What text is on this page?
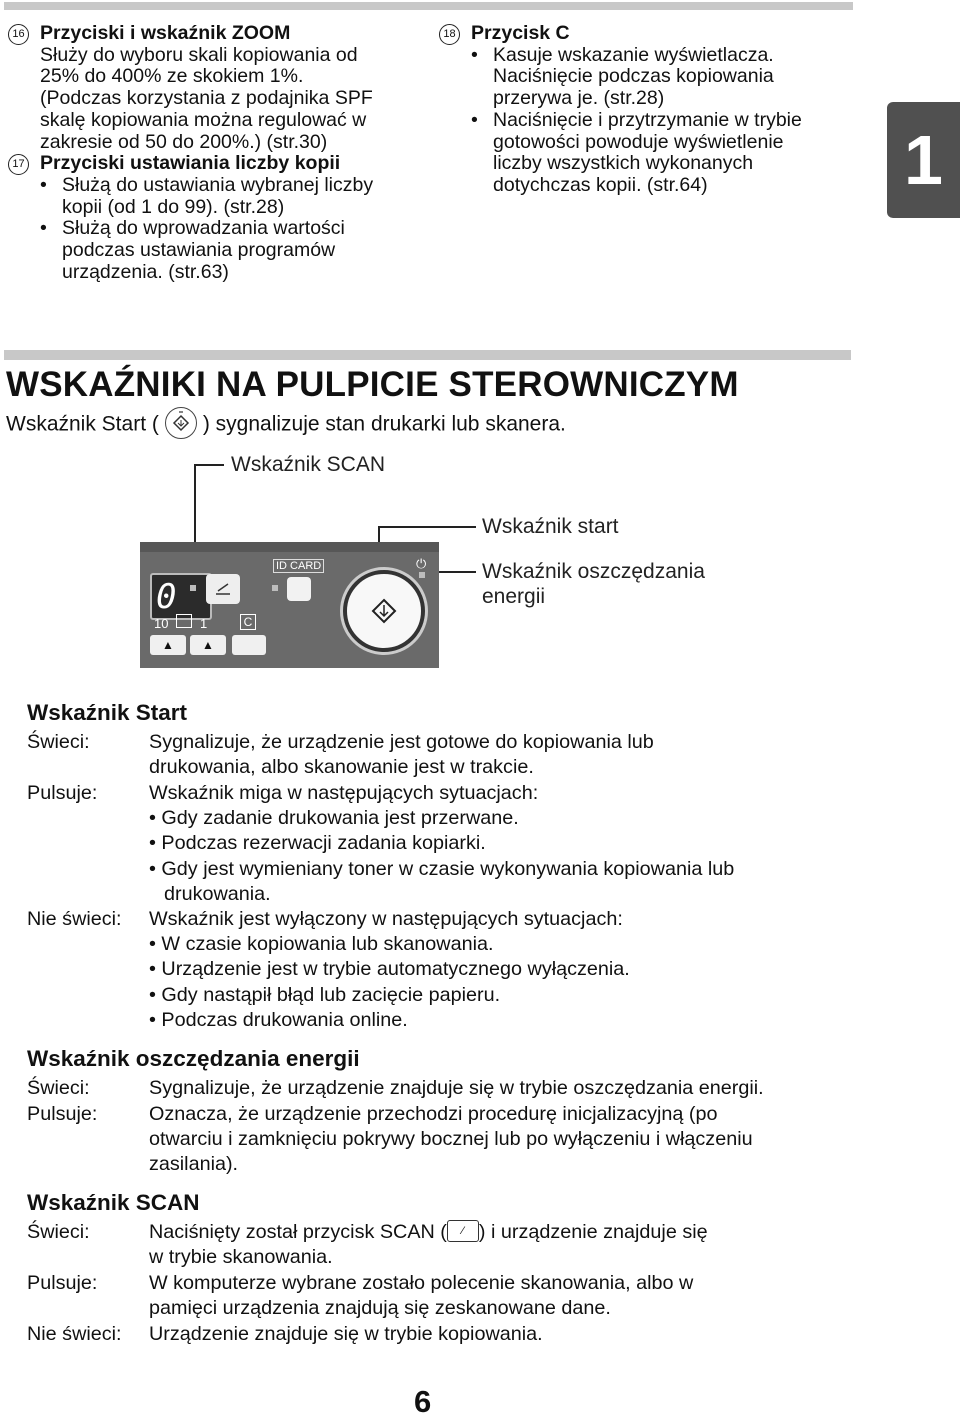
16 Przyciski i wskaźnik ZOOM

Służy do wyboru skali kopiowania od

25% do 400% ze skokiem 1%.

(Podczas korzystania z podajnika SPF

skalę kopiowania można regulować w

zakresie od 50 do 200%.) (str.30)

17 Przyciski ustawiania liczby kopii

• Służą do ustawiania wybranej liczby

kopii (od 1 do 99). (str.28)

• Służą do wprowadzania wartości

podczas ustawiania programów

urządzenia. (str.63)

18 Przycisk C

• Kasuje wskazanie wyświetlacza.

Naciśnięcie podczas kopiowania

przerywa je. (str.28)

• Naciśnięcie i przytrzymanie w trybie

gotowości powoduje wyświetlenie

liczby wszystkich wykonanych

dotychczas kopii. (str.64)	1
WSKAŹNIKI NA PULPICIE STEROWNICZYM
Wskaźnik Start ( ) sygnalizuje stan drukarki lub skanera.
Wskaźnik SCAN
Wskaźnik start
Wskaźnik oszczędzania
energii
0
⏻
10 1	C
▲	▲
ID CARD
Wskaźnik Start
Świeci:	Sygnalizuje, że urządzenie jest gotowe do kopiowania lub
drukowania, albo skanowanie jest w trakcie.
Pulsuje:	Wskaźnik miga w następujących sytuacjach:
• Gdy zadanie drukowania jest przerwane.
• Podczas rezerwacji zadania kopiarki.
• Gdy jest wymieniany toner w czasie wykonywania kopiowania lub
drukowania.
Nie świeci: Wskaźnik jest wyłączony w następujących sytuacjach:
• W czasie kopiowania lub skanowania.
• Urządzenie jest w trybie automatycznego wyłączenia.
• Gdy nastąpił błąd lub zacięcie papieru.
• Podczas drukowania online.
Wskaźnik oszczędzania energii
Świeci:	Sygnalizuje, że urządzenie znajduje się w trybie oszczędzania energii.
Pulsuje:	Oznacza, że urządzenie przechodzi procedurę inicjalizacyjną (po
otwarciu i zamknięciu pokrywy bocznej lub po wyłączeniu i włączeniu
zasilania).
Wskaźnik SCAN
Świeci:	Naciśnięty został przycisk SCAN ( ⁄ ) i urządzenie znajduje się
w trybie skanowania.
Pulsuje:	W komputerze wybrane zostało polecenie skanowania, albo w
pamięci urządzenia znajdują się zeskanowane dane.
Nie świeci: Urządzenie znajduje się w trybie kopiowania.
6
